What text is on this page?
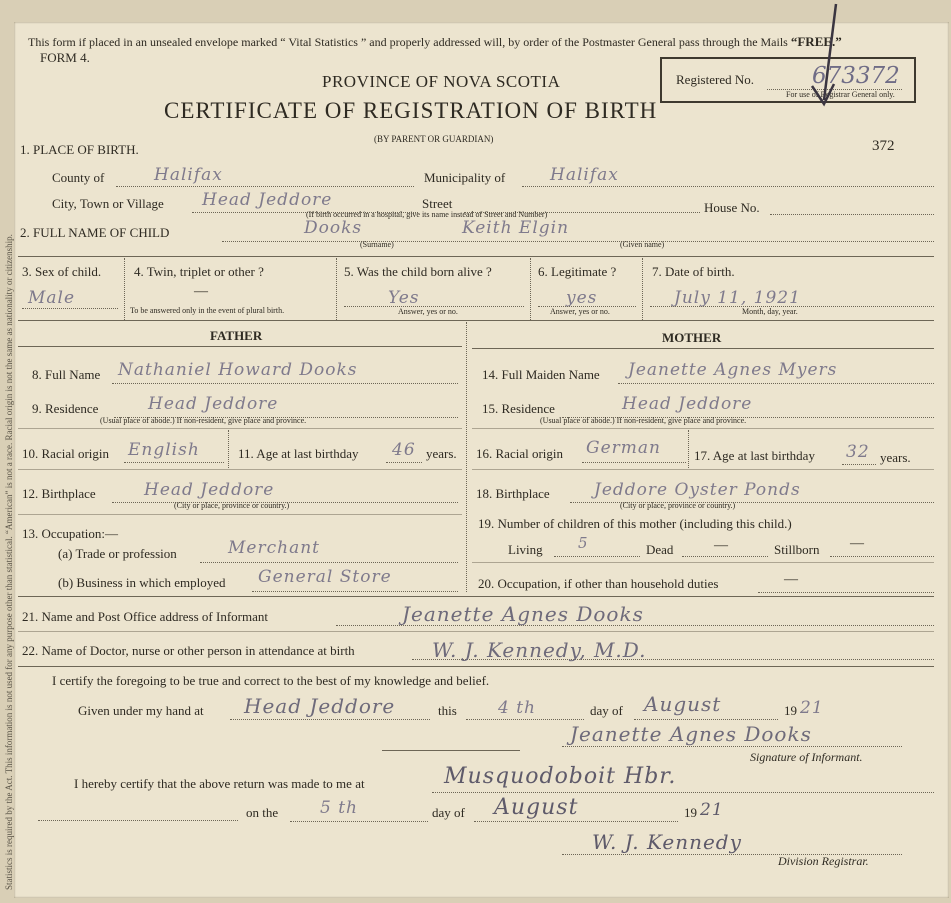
Statistics is required by the Act. This information is not used for any purpose other than statistical. “American” is not a race. Racial origin is not the same as nationality or citizenship.
This form if placed in an unsealed envelope marked “ Vital Statistics ” and properly addressed will, by order of the Postmaster General pass through the Mails “FREE.”
FORM 4.
PROVINCE OF NOVA SCOTIA
CERTIFICATE OF REGISTRATION OF BIRTH
(BY PARENT OR GUARDIAN)
Registered No.	673372
For use of Registrar General only.
372
1. PLACE OF BIRTH.
County of	Halifax	Municipality of	Halifax
City, Town or Village Head Jeddore	Street	House No.
(If birth occurred in a hospital, give its name instead of Street and Number)
2. FULL NAME OF CHILD	Dooks	Keith Elgin
(Surname)	(Given name)
3. Sex of child.
Male
4. Twin, triplet or other ?
—
To be answered only in the event of plural birth.
5. Was the child born alive ?
Yes
Answer, yes or no.
6. Legitimate ?
yes
Answer, yes or no.
7. Date of birth.
July 11, 1921
Month, day, year.
FATHER
8. Full Name Nathaniel Howard Dooks
9. Residence	Head Jeddore
(Usual place of abode.) If non-resident, give place and province.
10. Racial origin English	11. Age at last birthday 46 years.
12. Birthplace	Head Jeddore
(City or place, province or country.)
13. Occupation:—
(a) Trade or profession	Merchant
(b) Business in which employed General Store
MOTHER
14. Full Maiden Name Jeanette Agnes Myers
15. Residence	Head Jeddore
(Usual place of abode.) If non-resident, give place and province.
16. Racial origin German	17. Age at last birthday 32 years.
18. Birthplace	Jeddore Oyster Ponds
(City or place, province or country.)
19. Number of children of this mother (including this child.)
Living 5	Dead	—	Stillborn —
20. Occupation, if other than household duties	—
21. Name and Post Office address of Informant	Jeanette Agnes Dooks
22. Name of Doctor, nurse or other person in attendance at birth	W. J. Kennedy, M.D.
I certify the foregoing to be true and correct to the best of my knowledge and belief.
Given under my hand at Head Jeddore	this 4 th	day of August	19 21
Jeanette Agnes Dooks
Signature of Informant.
I hereby certify that the above return was made to me at	Musquodoboit Hbr.
on the 5 th	day of August	19 21
W. J. Kennedy
Division Registrar.
